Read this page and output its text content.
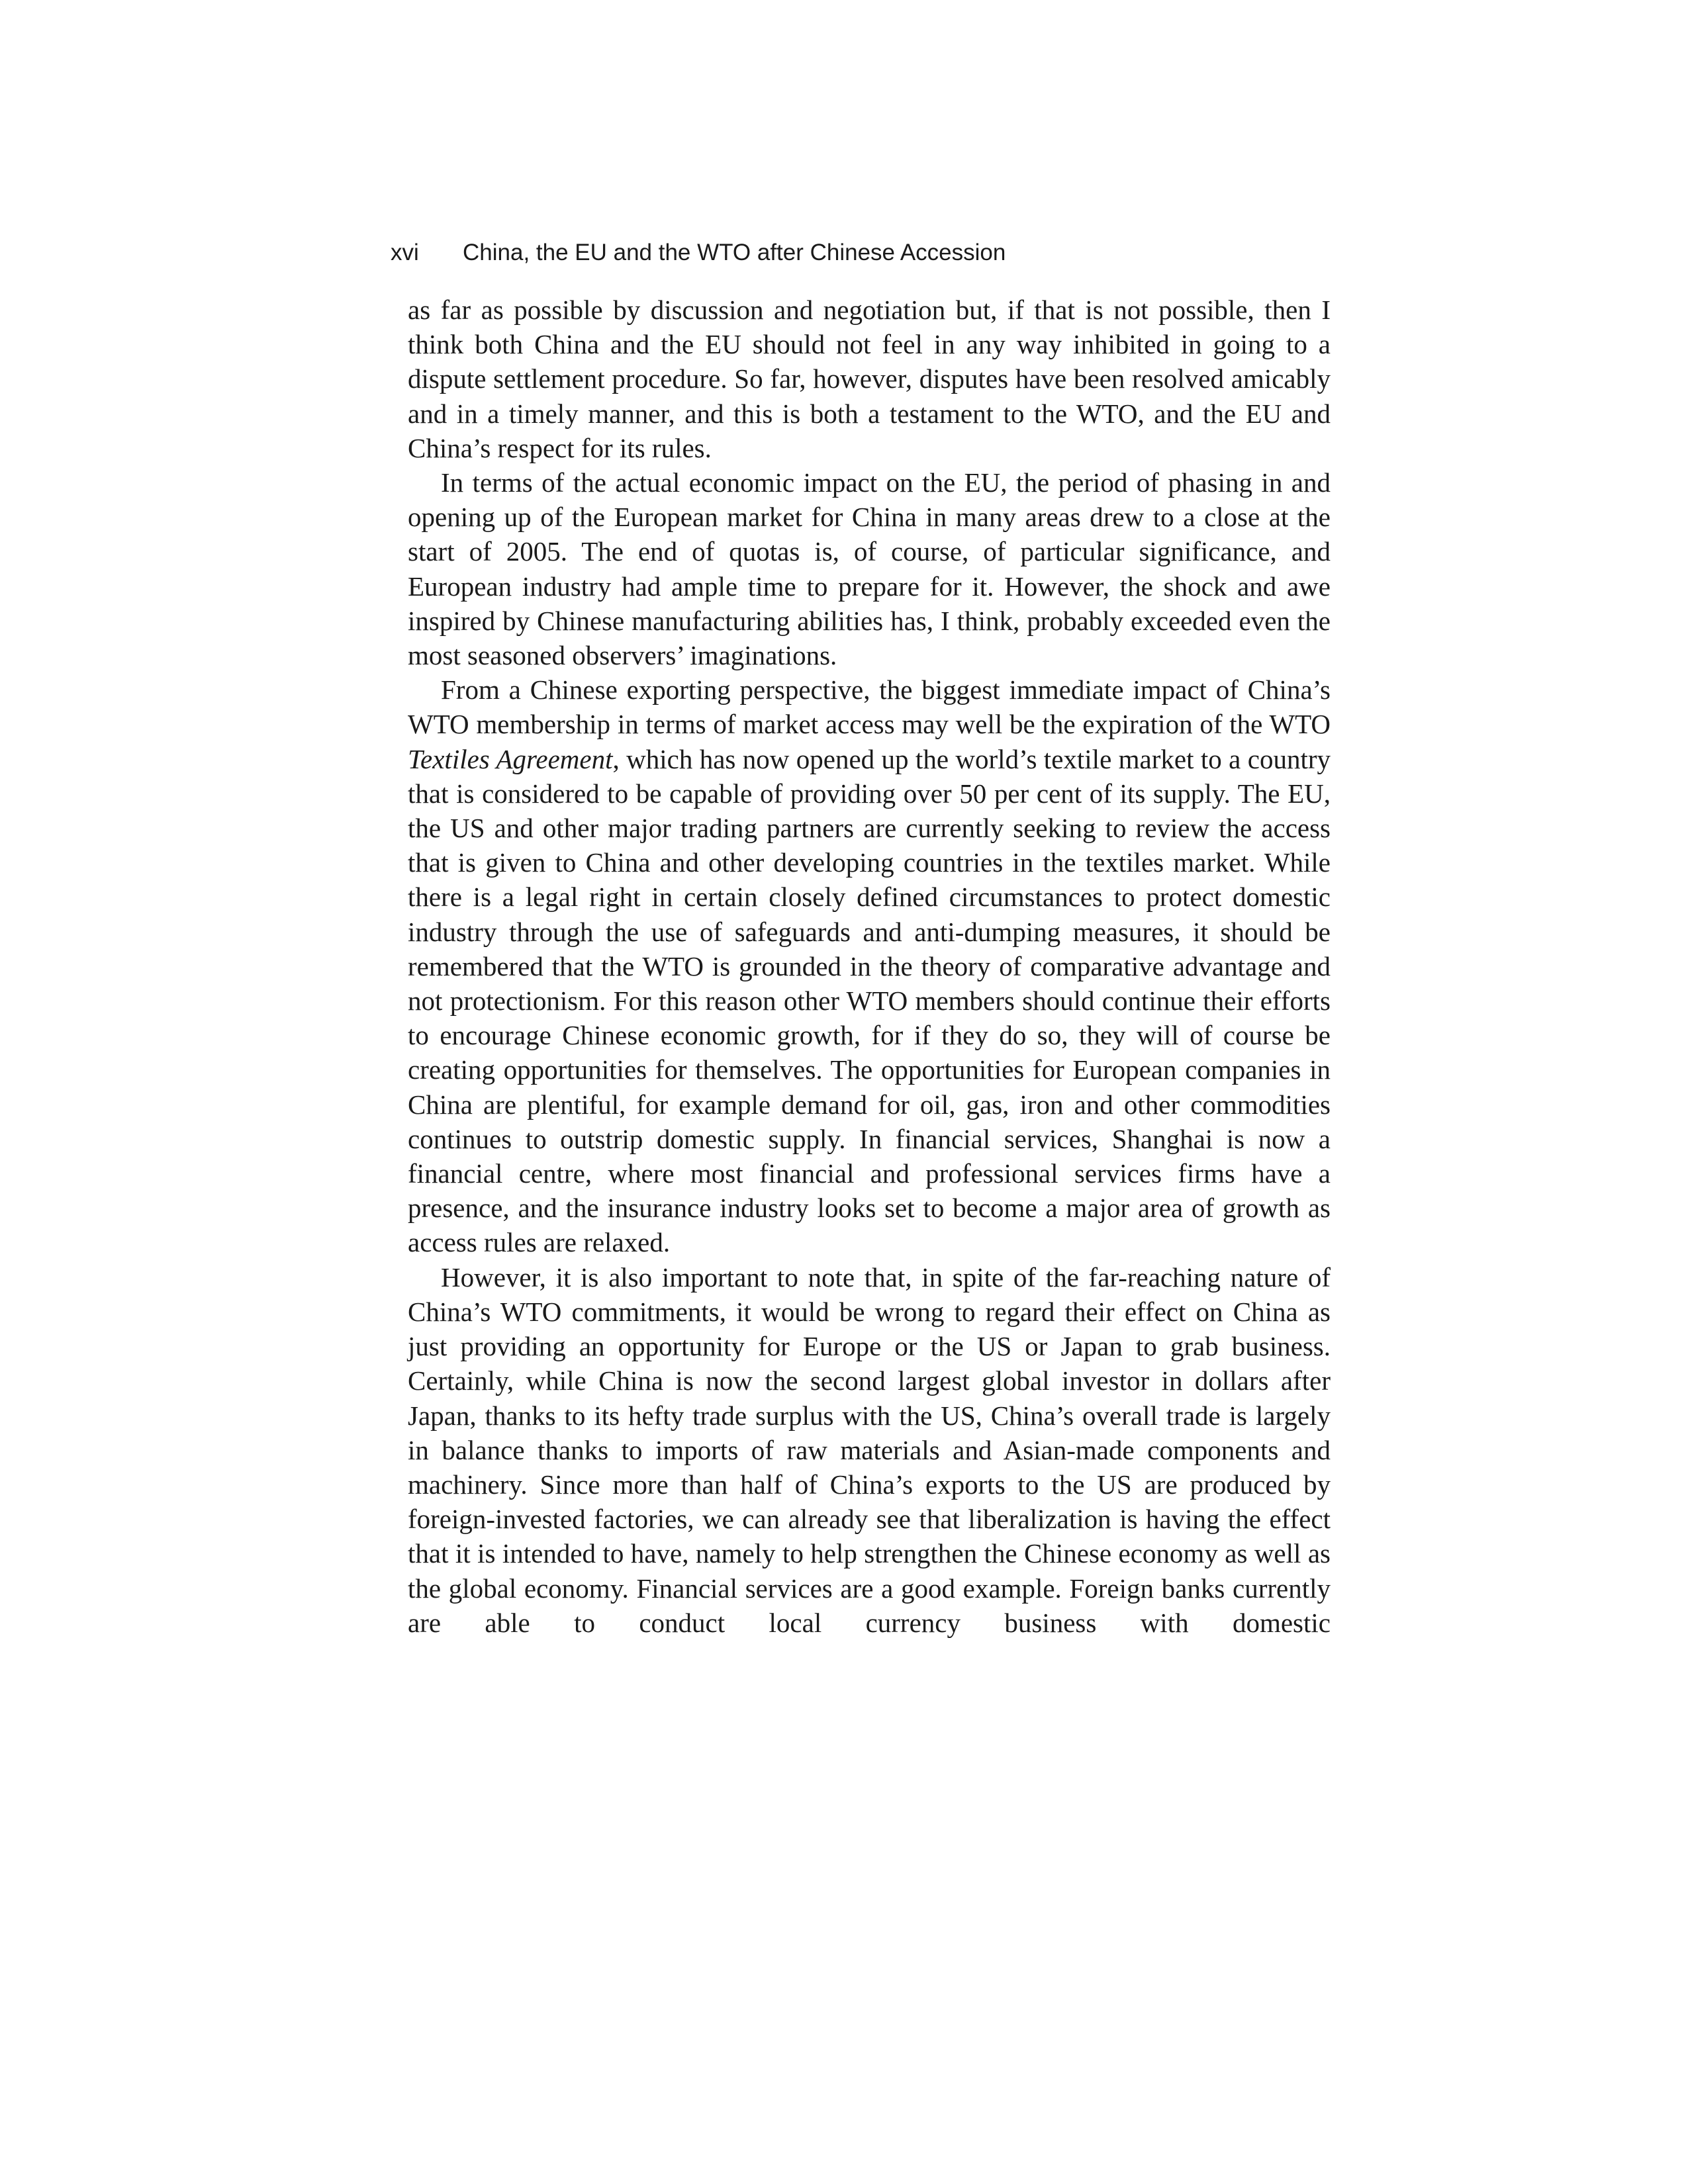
xvi China, the EU and the WTO after Chinese Accession

as far as possible by discussion and negotiation but, if that is not possible, then I think both China and the EU should not feel in any way inhibited in going to a dispute settlement procedure. So far, however, disputes have been resolved amicably and in a timely manner, and this is both a testament to the WTO, and the EU and China’s respect for its rules.

In terms of the actual economic impact on the EU, the period of phasing in and opening up of the European market for China in many areas drew to a close at the start of 2005. The end of quotas is, of course, of particular significance, and European industry had ample time to prepare for it. However, the shock and awe inspired by Chinese manufacturing abilities has, I think, probably exceeded even the most seasoned observers’ imaginations.

From a Chinese exporting perspective, the biggest immediate impact of China’s WTO membership in terms of market access may well be the expiration of the WTO Textiles Agreement, which has now opened up the world’s textile market to a country that is considered to be capable of providing over 50 per cent of its supply. The EU, the US and other major trading partners are currently seeking to review the access that is given to China and other developing countries in the textiles market. While there is a legal right in certain closely defined circumstances to protect domestic industry through the use of safeguards and anti-dumping measures, it should be remembered that the WTO is grounded in the theory of comparative advantage and not protectionism. For this reason other WTO members should continue their efforts to encourage Chinese economic growth, for if they do so, they will of course be creating opportunities for themselves. The opportunities for European companies in China are plentiful, for example demand for oil, gas, iron and other commodities continues to outstrip domestic supply. In financial services, Shanghai is now a financial centre, where most financial and professional services firms have a presence, and the insurance industry looks set to become a major area of growth as access rules are relaxed.

However, it is also important to note that, in spite of the far-reaching nature of China’s WTO commitments, it would be wrong to regard their effect on China as just providing an opportunity for Europe or the US or Japan to grab business. Certainly, while China is now the second largest global investor in dollars after Japan, thanks to its hefty trade surplus with the US, China’s overall trade is largely in balance thanks to imports of raw materials and Asian-made components and machinery. Since more than half of China’s exports to the US are produced by foreign-invested factories, we can already see that liberalization is having the effect that it is intended to have, namely to help strengthen the Chinese economy as well as the global economy. Financial services are a good example. Foreign banks currently are able to conduct local currency business with domestic
